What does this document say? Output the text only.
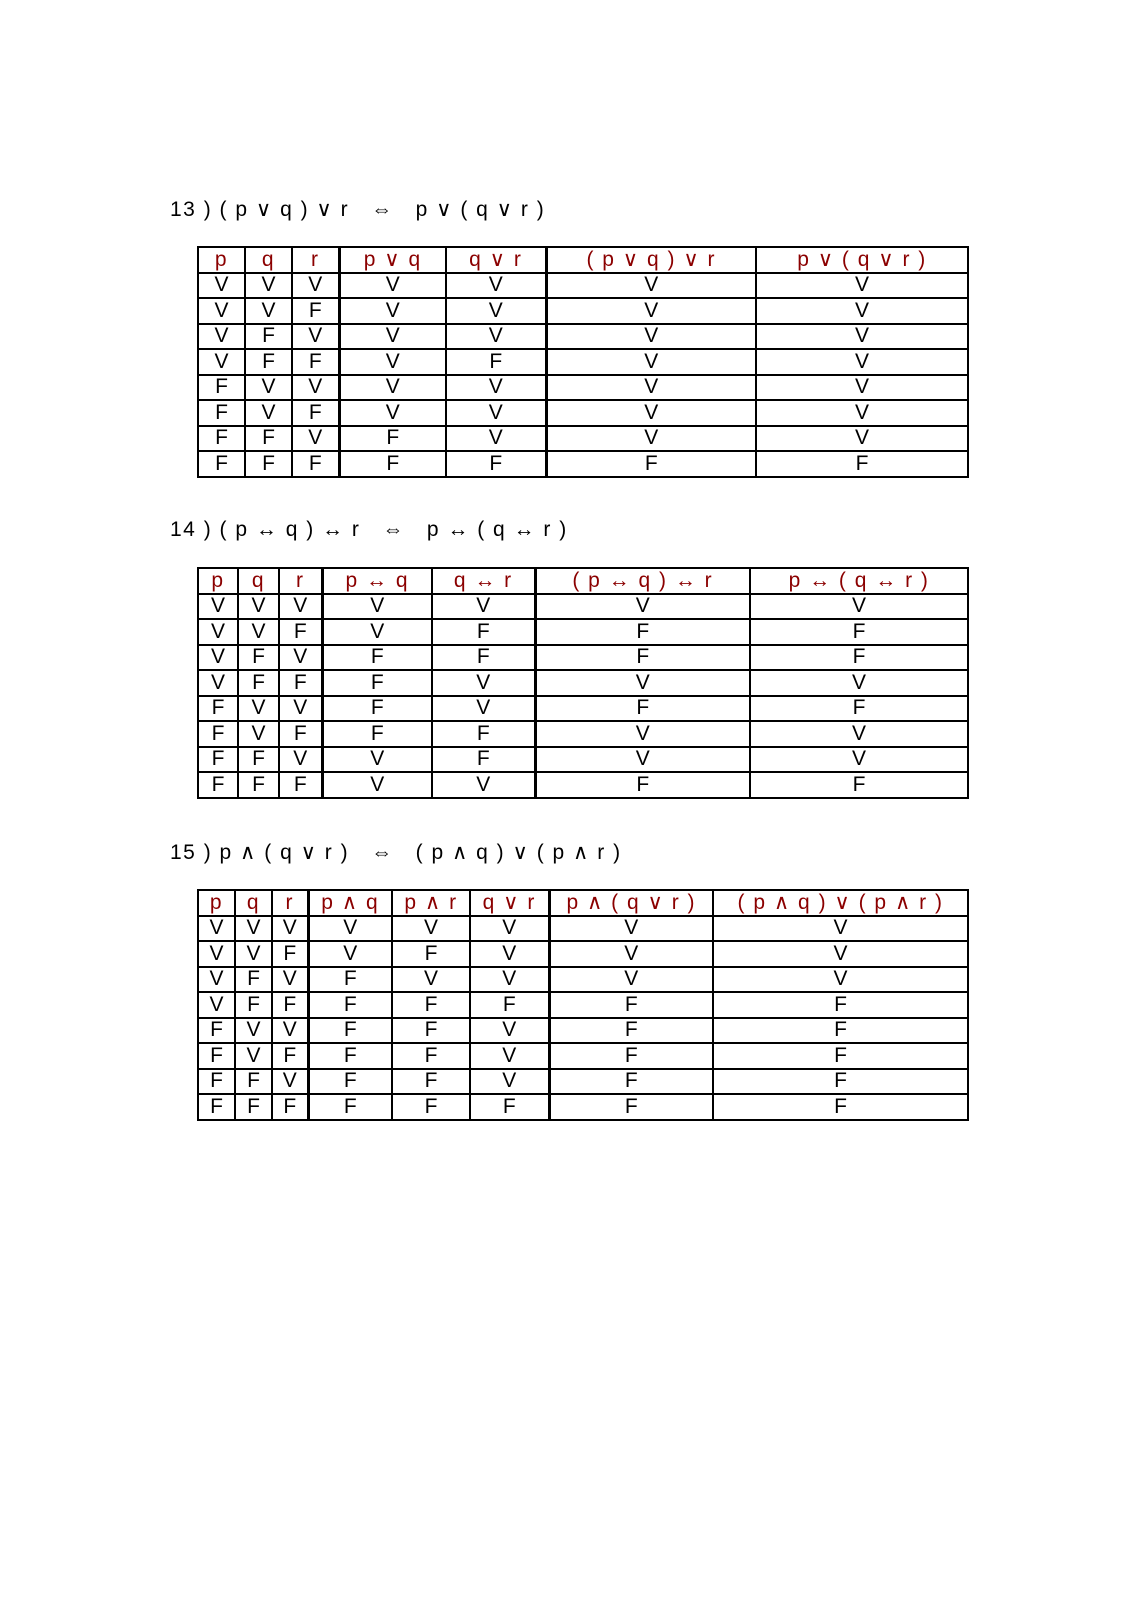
13 ) ( p ∨ q ) ∨ r   ⇔   p ∨ ( q ∨ r )
p	q	r	p ∨ q	q ∨ r	( p ∨ q ) ∨ r	p ∨ ( q ∨ r )
V	V	V	V	V	V	V
V	V	F	V	V	V	V
V	F	V	V	V	V	V
V	F	F	V	F	V	V
F	V	V	V	V	V	V
F	V	F	V	V	V	V
F	F	V	F	V	V	V
F	F	F	F	F	F	F
14 ) ( p ↔ q ) ↔ r   ⇔   p ↔ ( q ↔ r )
p	q	r	p ↔ q	q ↔ r	( p ↔ q ) ↔ r	p ↔ ( q ↔ r )
V	V	V	V	V	V	V
V	V	F	V	F	F	F
V	F	V	F	F	F	F
V	F	F	F	V	V	V
F	V	V	F	V	F	F
F	V	F	F	F	V	V
F	F	V	V	F	V	V
F	F	F	V	V	F	F
15 ) p ∧ ( q ∨ r )   ⇔   ( p ∧ q ) ∨ ( p ∧ r )
p	q	r	p ∧ q	p ∧ r	q ∨ r	p ∧ ( q ∨ r )	( p ∧ q ) ∨ ( p ∧ r )
V	V	V	V	V	V	V	V
V	V	F	V	F	V	V	V
V	F	V	F	V	V	V	V
V	F	F	F	F	F	F	F
F	V	V	F	F	V	F	F
F	V	F	F	F	V	F	F
F	F	V	F	F	V	F	F
F	F	F	F	F	F	F	F
